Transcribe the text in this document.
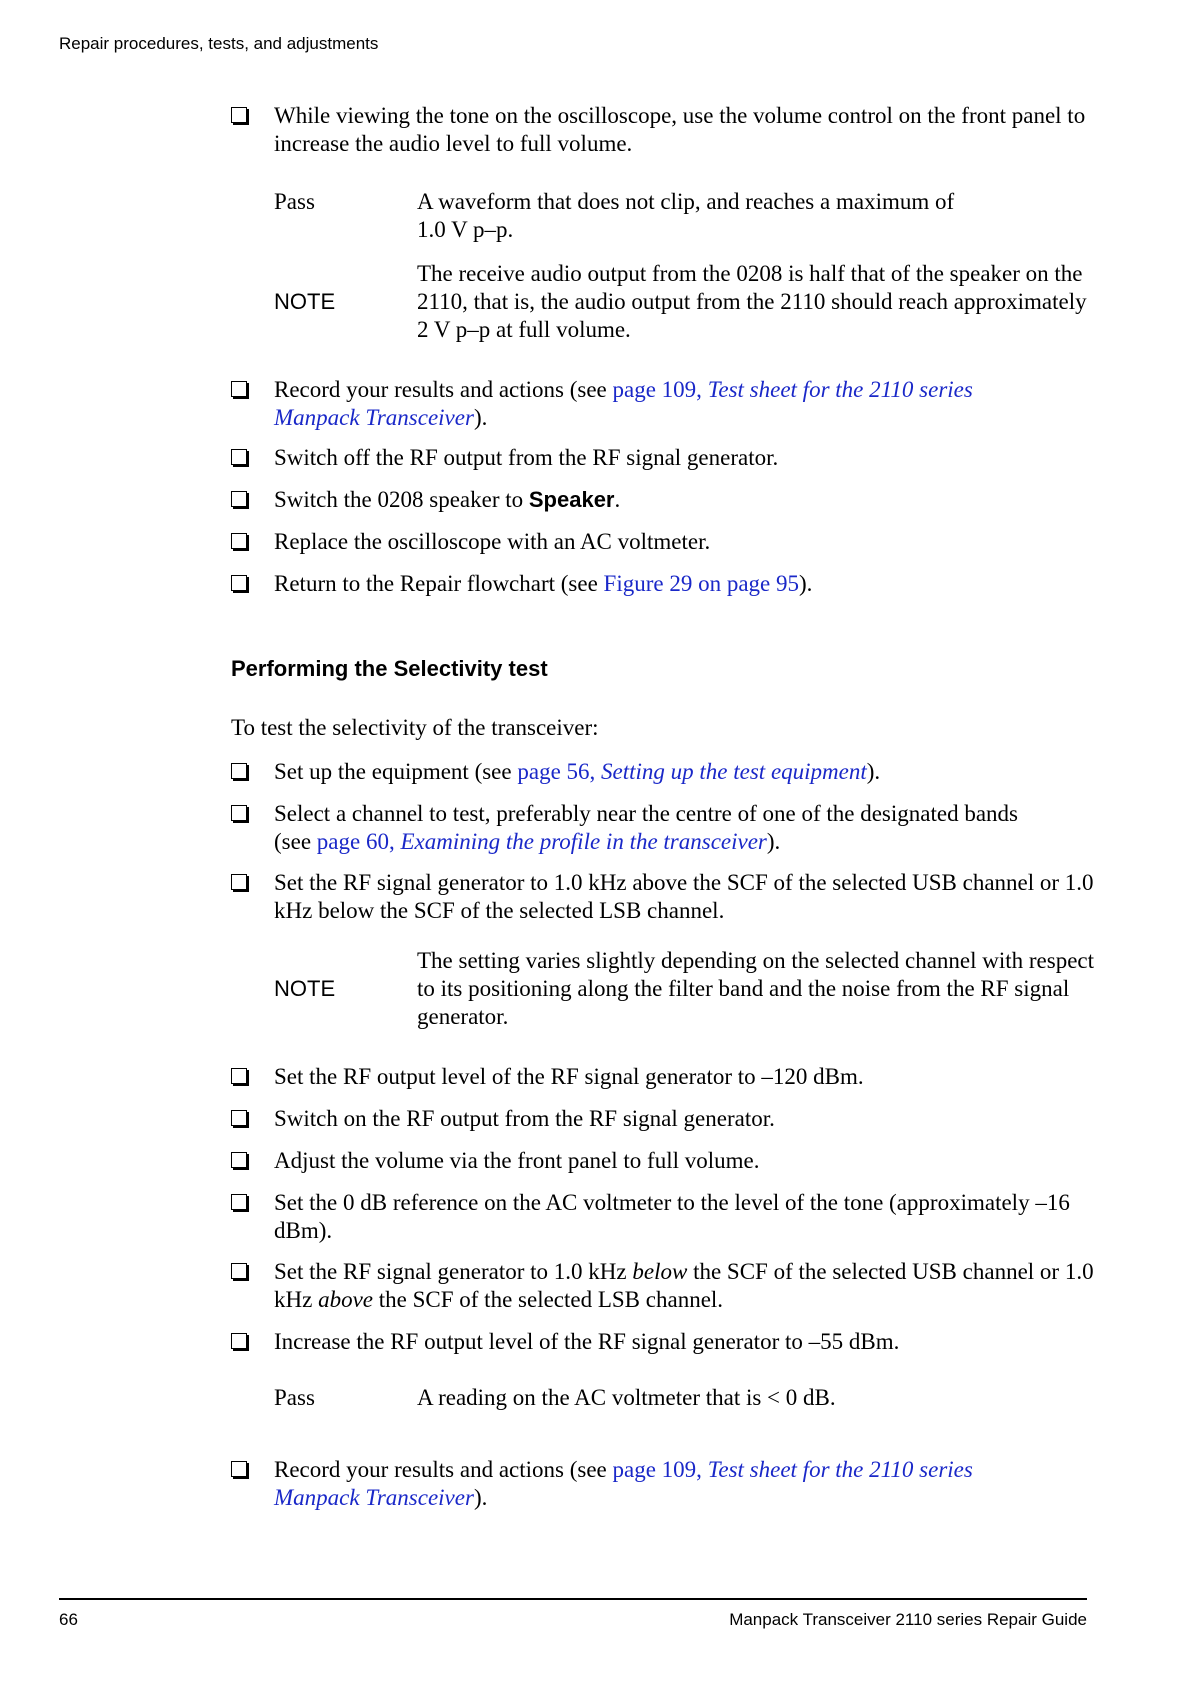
Repair procedures, tests, and adjustments
While viewing the tone on the oscilloscope, use the volume control on the front panel to increase the audio level to full volume.
Pass	A waveform that does not clip, and reaches a maximum of
1.0 V p–p.
NOTE
The receive audio output from the 0208 is half that of the speaker on the 2110, that is, the audio output from the 2110 should reach approximately 2 V p–p at full volume.
Record your results and actions (see page 109, Test sheet for the 2110 series
Manpack Transceiver).
Switch off the RF output from the RF signal generator.
Switch the 0208 speaker to Speaker.
Replace the oscilloscope with an AC voltmeter.
Return to the Repair flowchart (see Figure 29 on page 95).
Performing the Selectivity test
To test the selectivity of the transceiver:
Set up the equipment (see page 56, Setting up the test equipment).
Select a channel to test, preferably near the centre of one of the designated bands
(see page 60, Examining the profile in the transceiver).
Set the RF signal generator to 1.0 kHz above the SCF of the selected USB channel or 1.0 kHz below the SCF of the selected LSB channel.
NOTE
The setting varies slightly depending on the selected channel with respect to its positioning along the filter band and the noise from the RF signal generator.
Set the RF output level of the RF signal generator to –120 dBm.
Switch on the RF output from the RF signal generator.
Adjust the volume via the front panel to full volume.
Set the 0 dB reference on the AC voltmeter to the level of the tone (approximately –16 dBm).
Set the RF signal generator to 1.0 kHz below the SCF of the selected USB channel or 1.0 kHz above the SCF of the selected LSB channel.
Increase the RF output level of the RF signal generator to –55 dBm.
Pass	A reading on the AC voltmeter that is < 0 dB.
Record your results and actions (see page 109, Test sheet for the 2110 series
Manpack Transceiver).
66	Manpack Transceiver 2110 series Repair Guide
